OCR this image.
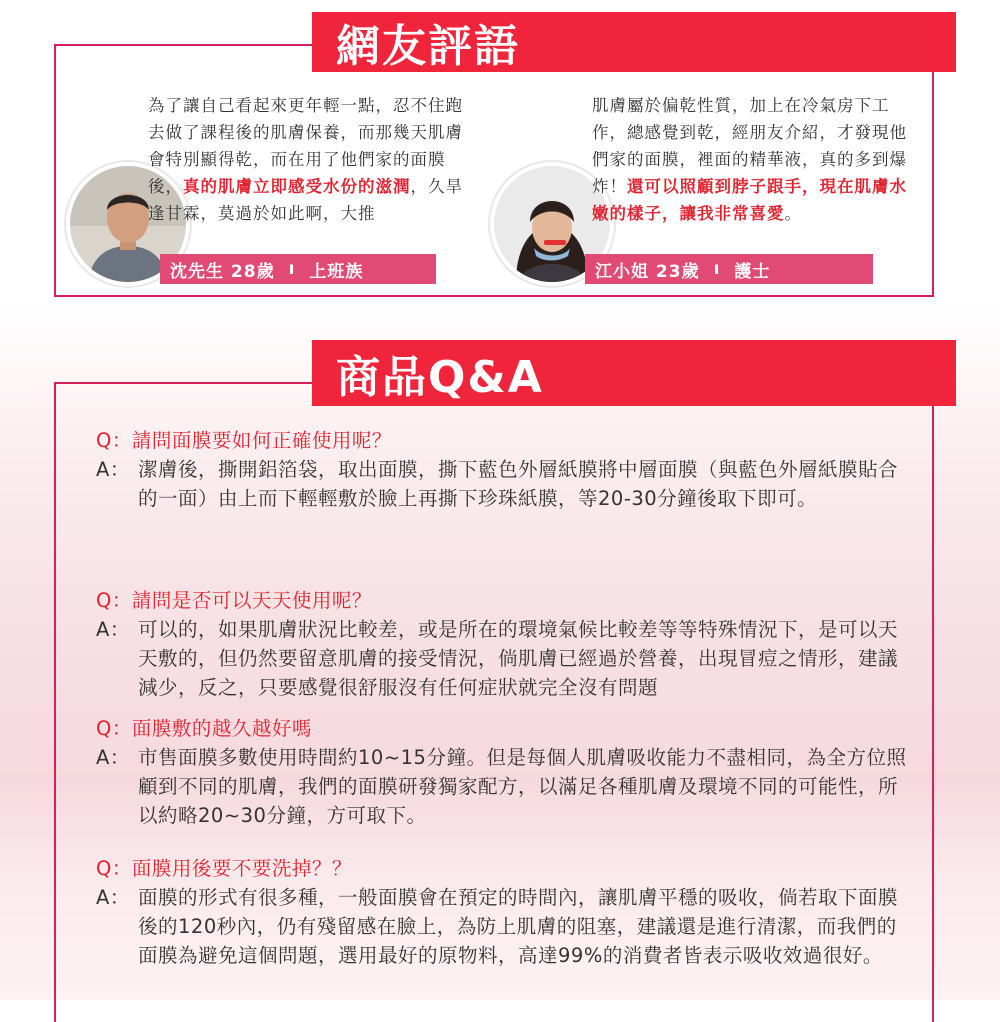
網友評語
為了讓自己看起來更年輕一點，忍不住跑去做了課程後的肌膚保養，而那幾天肌膚會特別顯得乾，而在用了他們家的面膜後，真的肌膚立即感受水份的滋潤，久旱逢甘霖，莫過於如此啊，大推
沈先生 28歲 ı 上班族
肌膚屬於偏乾性質，加上在冷氣房下工作，總感覺到乾，經朋友介紹，才發現他們家的面膜，裡面的精華液，真的多到爆炸！還可以照顧到脖子跟手，現在肌膚水嫩的樣子，讓我非常喜愛。
江小姐 23歲 ı 護士
商品Q&A
Q：請問面膜要如何正確使用呢？
A： 潔膚後，撕開鋁箔袋，取出面膜，撕下藍色外層紙膜將中層面膜（與藍色外層紙膜貼合的一面）由上而下輕輕敷於臉上再撕下珍珠紙膜，等20-30分鐘後取下即可。
Q：請問是否可以天天使用呢？
A： 可以的，如果肌膚狀況比較差，或是所在的環境氣候比較差等等特殊情況下，是可以天天敷的，但仍然要留意肌膚的接受情況，倘肌膚已經過於營養，出現冒痘之情形，建議減少，反之，只要感覺很舒服沒有任何症狀就完全沒有問題
Q：面膜敷的越久越好嗎
A： 市售面膜多數使用時間約10~15分鐘。但是每個人肌膚吸收能力不盡相同，為全方位照顧到不同的肌膚，我們的面膜研發獨家配方，以滿足各種肌膚及環境不同的可能性，所以約略20~30分鐘，方可取下。
Q：面膜用後要不要洗掉？？
A： 面膜的形式有很多種，一般面膜會在預定的時間內，讓肌膚平穩的吸收，倘若取下面膜後的120秒內，仍有殘留感在臉上，為防上肌膚的阻塞，建議還是進行清潔，而我們的面膜為避免這個問題，選用最好的原物料，高達99%的消費者皆表示吸收效過很好。
